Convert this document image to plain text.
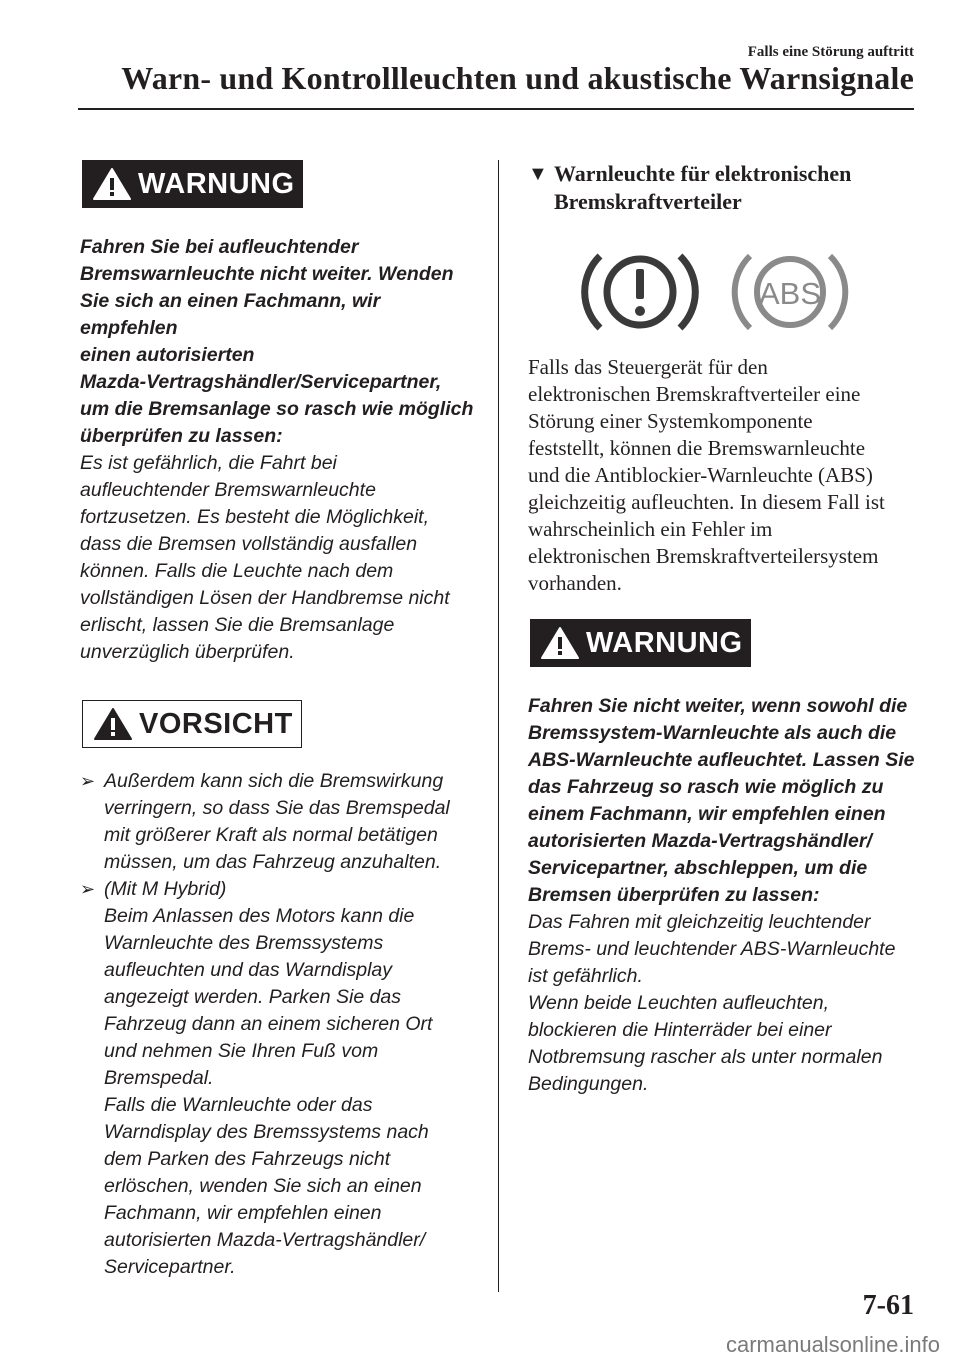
Falls eine Störung auftritt
Warn- und Kontrollleuchten und akustische Warnsignale
WARNUNG

Fahren Sie bei aufleuchtender

Bremswarnleuchte nicht weiter. Wenden

Sie sich an einen Fachmann, wir empfehlen

einen autorisierten

Mazda-Vertragshändler/Servicepartner,

um die Bremsanlage so rasch wie möglich

überprüfen zu lassen:

Es ist gefährlich, die Fahrt bei

aufleuchtender Bremswarnleuchte

fortzusetzen. Es besteht die Möglichkeit,

dass die Bremsen vollständig ausfallen

können. Falls die Leuchte nach dem

vollständigen Lösen der Handbremse nicht

erlischt, lassen Sie die Bremsanlage

unverzüglich überprüfen.

VORSICHT
➢ Außerdem kann sich die Bremswirkung

verringern, so dass Sie das Bremspedal

mit größerer Kraft als normal betätigen

müssen, um das Fahrzeug anzuhalten.

➢ (Mit M Hybrid)

Beim Anlassen des Motors kann die

Warnleuchte des Bremssystems

aufleuchten und das Warndisplay

angezeigt werden. Parken Sie das

Fahrzeug dann an einem sicheren Ort

und nehmen Sie Ihren Fuß vom

Bremspedal.

Falls die Warnleuchte oder das

Warndisplay des Bremssystems nach

dem Parken des Fahrzeugs nicht

erlöschen, wenden Sie sich an einen

Fachmann, wir empfehlen einen

autorisierten Mazda-Vertragshändler/

Servicepartner.

▼ Warnleuchte für elektronischen
Bremskraftverteiler
ABS

Falls das Steuergerät für den

elektronischen Bremskraftverteiler eine

Störung einer Systemkomponente

feststellt, können die Bremswarnleuchte

und die Antiblockier-Warnleuchte (ABS)

gleichzeitig aufleuchten. In diesem Fall ist

wahrscheinlich ein Fehler im

elektronischen Bremskraftverteilersystem

vorhanden.

WARNUNG

Fahren Sie nicht weiter, wenn sowohl die

Bremssystem-Warnleuchte als auch die

ABS-Warnleuchte aufleuchtet. Lassen Sie

das Fahrzeug so rasch wie möglich zu

einem Fachmann, wir empfehlen einen

autorisierten Mazda-Vertragshändler/

Servicepartner, abschleppen, um die

Bremsen überprüfen zu lassen:

Das Fahren mit gleichzeitig leuchtender

Brems- und leuchtender ABS-Warnleuchte

ist gefährlich.

Wenn beide Leuchten aufleuchten,

blockieren die Hinterräder bei einer

Notbremsung rascher als unter normalen

Bedingungen.

7-61
carmanualsonline.info
